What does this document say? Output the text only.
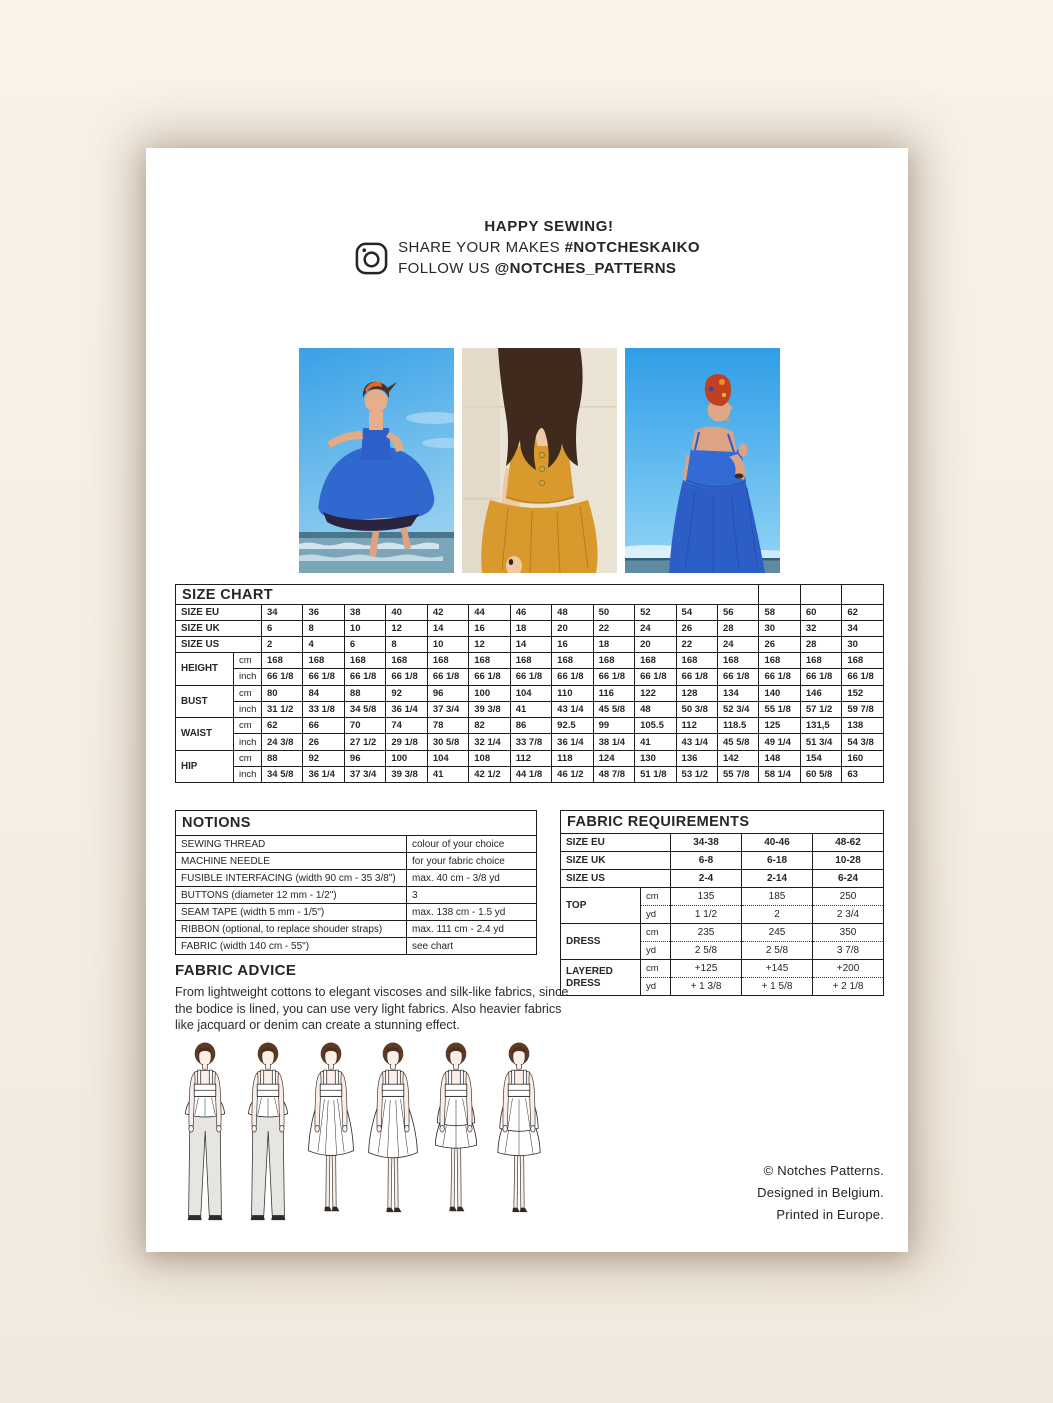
HAPPY SEWING!
SHARE YOUR MAKES #NOTCHESKAIKO
FOLLOW US @NOTCHES_PATTERNS
SIZE CHART																
SIZE EU		34	36	38	40	42	44	46	48	50	52	54	56	58	60	62
SIZE UK		6	8	10	12	14	16	18	20	22	24	26	28	30	32	34
SIZE US		2	4	6	8	10	12	14	16	18	20	22	24	26	28	30
HEIGHT	cm	168	168	168	168	168	168	168	168	168	168	168	168	168	168	168
	inch	66 1/8	66 1/8	66 1/8	66 1/8	66 1/8	66 1/8	66 1/8	66 1/8	66 1/8	66 1/8	66 1/8	66 1/8	66 1/8	66 1/8	66 1/8
BUST	cm	80	84	88	92	96	100	104	110	116	122	128	134	140	146	152
	inch	31 1/2	33 1/8	34 5/8	36 1/4	37 3/4	39 3/8	41	43 1/4	45 5/8	48	50 3/8	52 3/4	55 1/8	57 1/2	59 7/8
WAIST	cm	62	66	70	74	78	82	86	92.5	99	105.5	112	118.5	125	131,5	138
	inch	24 3/8	26	27 1/2	29 1/8	30 5/8	32 1/4	33 7/8	36 1/4	38 1/4	41	43 1/4	45 5/8	49 1/4	51 3/4	54 3/8
HIP	cm	88	92	96	100	104	108	112	118	124	130	136	142	148	154	160
	inch	34 5/8	36 1/4	37 3/4	39 3/8	41	42 1/2	44 1/8	46 1/2	48 7/8	51 1/8	53 1/2	55 7/8	58 1/4	60 5/8	63
NOTIONS	
SEWING THREAD	colour of your choice
MACHINE NEEDLE	for your fabric choice
FUSIBLE INTERFACING (width 90 cm - 35 3/8")	max. 40 cm - 3/8 yd
BUTTONS (diameter 12 mm - 1/2")	3
SEAM TAPE (width 5 mm - 1/5")	max. 138 cm - 1.5 yd
RIBBON (optional, to replace shouder straps)	max. 111 cm - 2.4 yd
FABRIC (width 140 cm - 55")	see chart
FABRIC REQUIREMENTS				
SIZE EU		34-38	40-46	48-62
SIZE UK		6-8	6-18	10-28
SIZE US		2-4	2-14	6-24
TOP	cm	135	185	250
	yd	1 1/2	2	2 3/4
DRESS	cm	235	245	350
	yd	2 5/8	2 5/8	3 7/8
LAYERED DRESS	cm	+125	+145	+200
	yd	+ 1 3/8	+ 1 5/8	+ 2 1/8
FABRIC ADVICE
From lightweight cottons to elegant viscoses and silk-like fabrics, since the bodice is lined, you can use very light fabrics. Also heavier fabrics like jacquard or denim can create a stunning effect.
© Notches Patterns.
Designed in Belgium.
Printed in Europe.
